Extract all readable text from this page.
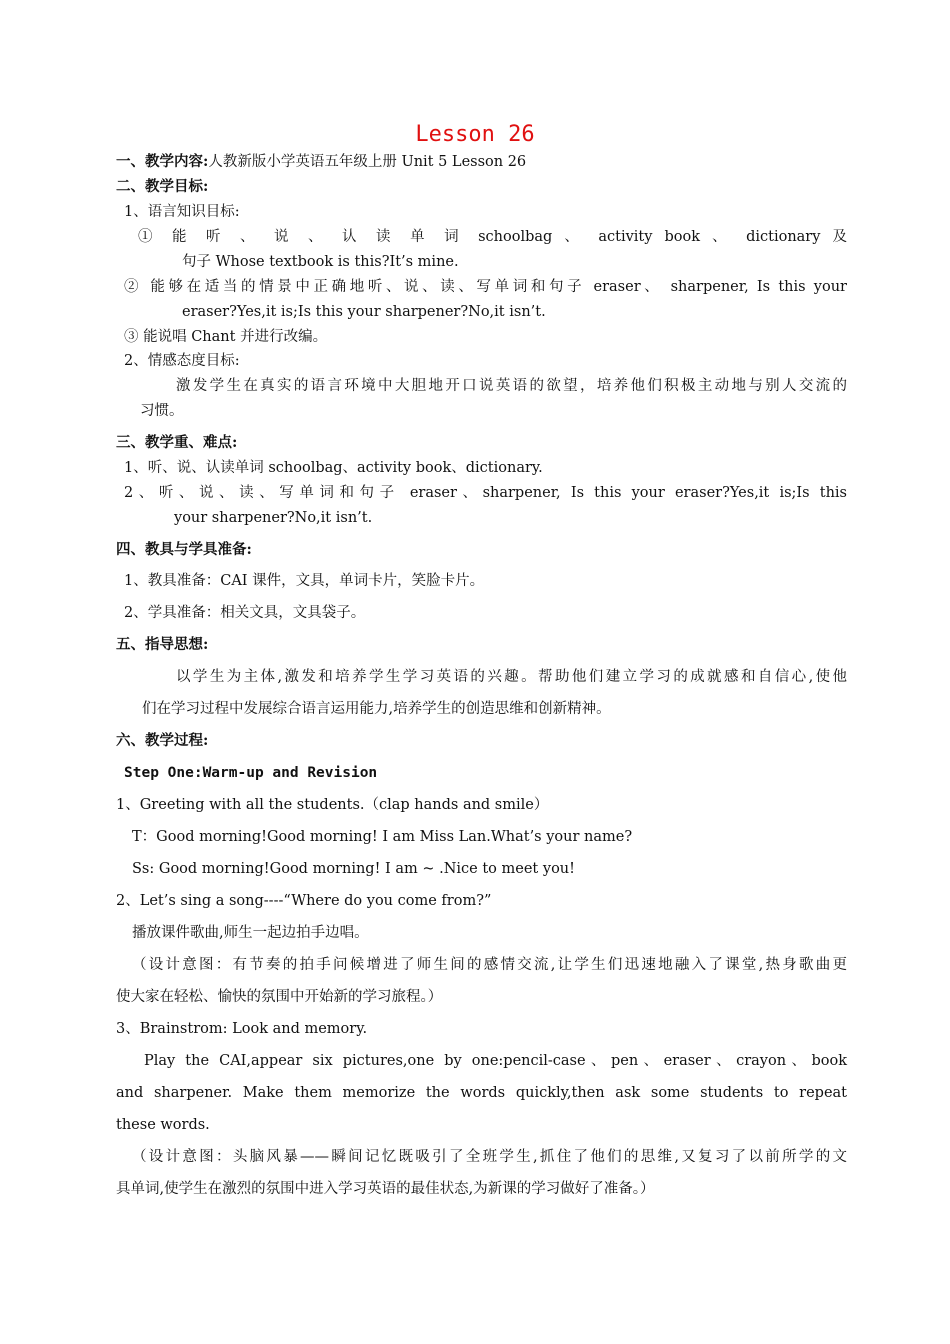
Lesson 26
一、教学内容:人教新版小学英语五年级上册 Unit 5 Lesson 26
二、教学目标:
1、语言知识目标:
① 能 听 、 说 、 认 读 单 词 schoolbag 、 activity book 、 dictionary 及
句子 Whose textbook is this?It’s mine.
② 能够在适当的情景中正确地听、说、读、写单词和句子 eraser、 sharpener, Is this your
eraser?Yes,it is;Is this your sharpener?No,it isn’t.
③ 能说唱 Chant 并进行改编。
2、情感态度目标:
激发学生在真实的语言环境中大胆地开口说英语的欲望，培养他们积极主动地与别人交流的
习惯。
三、教学重、难点:
1、听、说、认读单词 schoolbag、activity book、dictionary.
2、听、说、读、写单词和句子 eraser、sharpener, Is this your eraser?Yes,it is;Is this
your sharpener?No,it isn’t.
四、教具与学具准备:
1、教具准备：CAI 课件，文具，单词卡片，笑脸卡片。
2、学具准备：相关文具，文具袋子。
五、指导思想:
以学生为主体,激发和培养学生学习英语的兴趣。帮助他们建立学习的成就感和自信心,使他
们在学习过程中发展综合语言运用能力,培养学生的创造思维和创新精神。
六、教学过程:
Step One:Warm-up and Revision
1、Greeting with all the students.（clap hands and smile）
T：Good morning!Good morning! I am Miss Lan.What’s your name?
Ss: Good morning!Good morning! I am ~ .Nice to meet you!
2、Let’s sing a song----“Where do you come from?”
播放课件歌曲,师生一起边拍手边唱。
（设计意图：有节奏的拍手问候增进了师生间的感情交流,让学生们迅速地融入了课堂,热身歌曲更
使大家在轻松、愉快的氛围中开始新的学习旅程。）
3、Brainstrom: Look and memory.
Play the CAI,appear six pictures,one by one:pencil-case、pen、eraser、crayon、book
and sharpener. Make them memorize the words quickly,then ask some students to repeat
these words.
（设计意图：头脑风暴——瞬间记忆既吸引了全班学生,抓住了他们的思维,又复习了以前所学的文
具单词,使学生在激烈的氛围中进入学习英语的最佳状态,为新课的学习做好了准备。）
